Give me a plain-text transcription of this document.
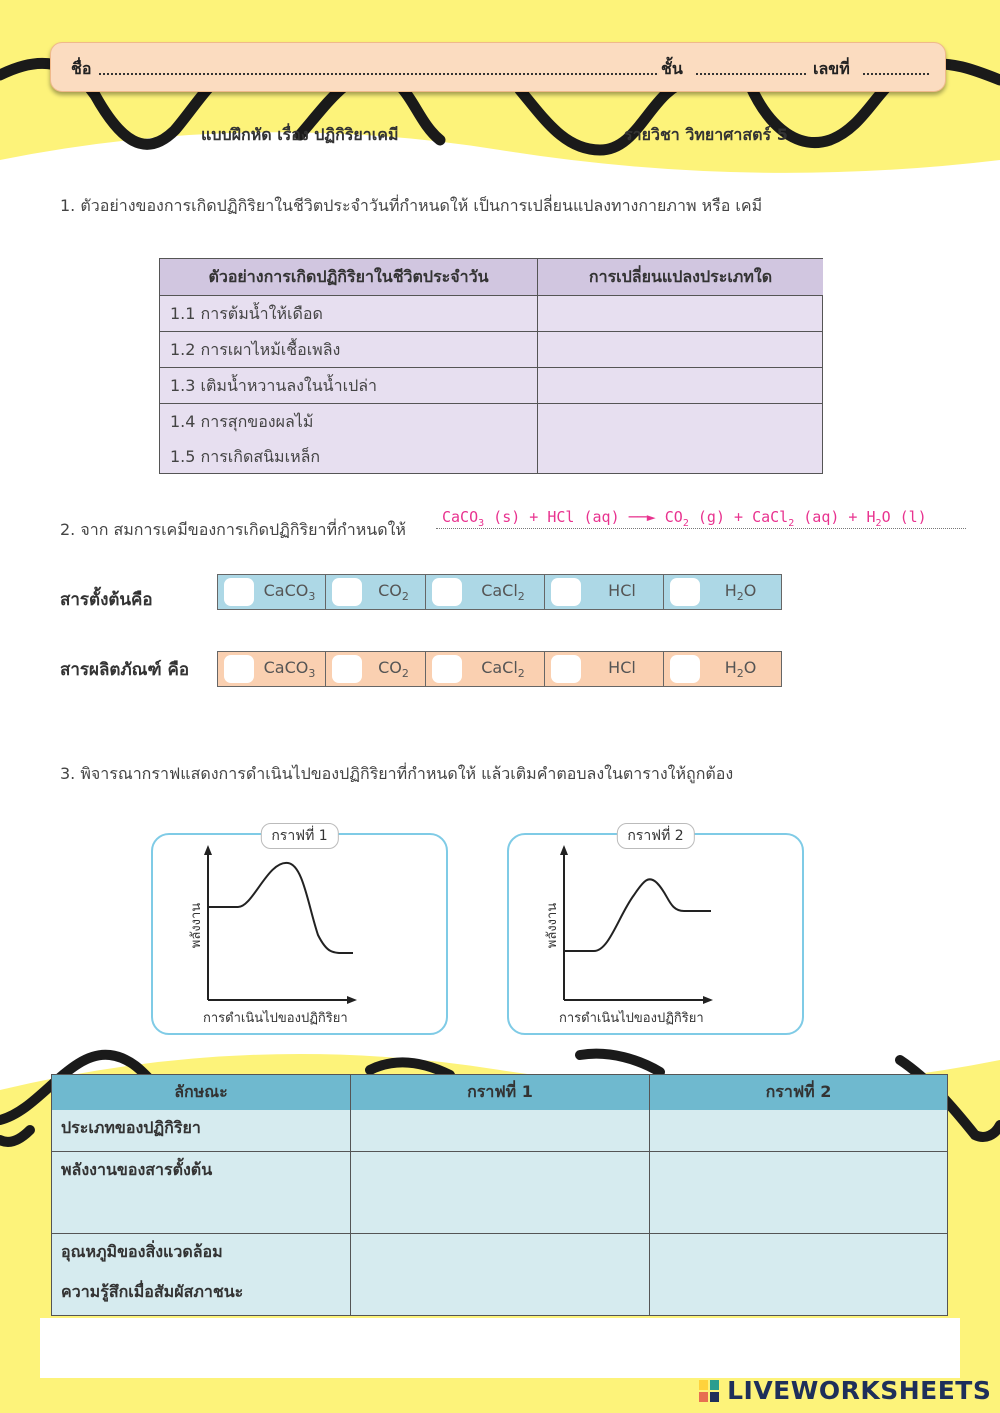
ชื่อ	ชั้น	เลขที่
แบบฝึกหัด เรื่อง ปฏิกิริยาเคมี	รายวิชา วิทยาศาสตร์ 5
1. ตัวอย่างของการเกิดปฏิกิริยาในชีวิตประจำวันที่กำหนดให้ เป็นการเปลี่ยนแปลงทางกายภาพ หรือ เคมี
ตัวอย่างการเกิดปฏิกิริยาในชีวิตประจำวัน	การเปลี่ยนแปลงประเภทใด
1.1 การต้มน้ำให้เดือด
1.2 การเผาไหม้เชื้อเพลิง
1.3 เติมน้ำหวานลงในน้ำเปล่า
1.4 การสุกของผลไม้
1.5 การเกิดสนิมเหล็ก
2. จาก สมการเคมีของการเกิดปฏิกิริยาที่กำหนดให้
CaCO$_3$ (s) + HCl (aq) ──► $CO_2$ (g) + CaCl$_2$ $(aq) + H_2O$ (l)
สารตั้งต้นคือ	CaCO$_3$	$CO_2$	CaCl$_2$	HCl	$H_2O$
สารผลิตภัณฑ์ คือ	CaCO$_3$	$CO_2$	CaCl$_2$	HCl	$H_2O$
3. พิจารณากราฟแสดงการดำเนินไปของปฏิกิริยาที่กำหนดให้ แล้วเติมคำตอบลงในตารางให้ถูกต้อง
กราฟที่ 1
พลังงาน
การดำเนินไปของปฏิกิริยา
กราฟที่ 2
พลังงาน
การดำเนินไปของปฏิกิริยา
ลักษณะ	กราฟที่ 1	กราฟที่ 2
ประเภทของปฏิกิริยา
พลังงานของสารตั้งต้น
อุณหภูมิของสิ่งแวดล้อม
ความรู้สึกเมื่อสัมผัสภาชนะ
LIVEWORKSHEETS
